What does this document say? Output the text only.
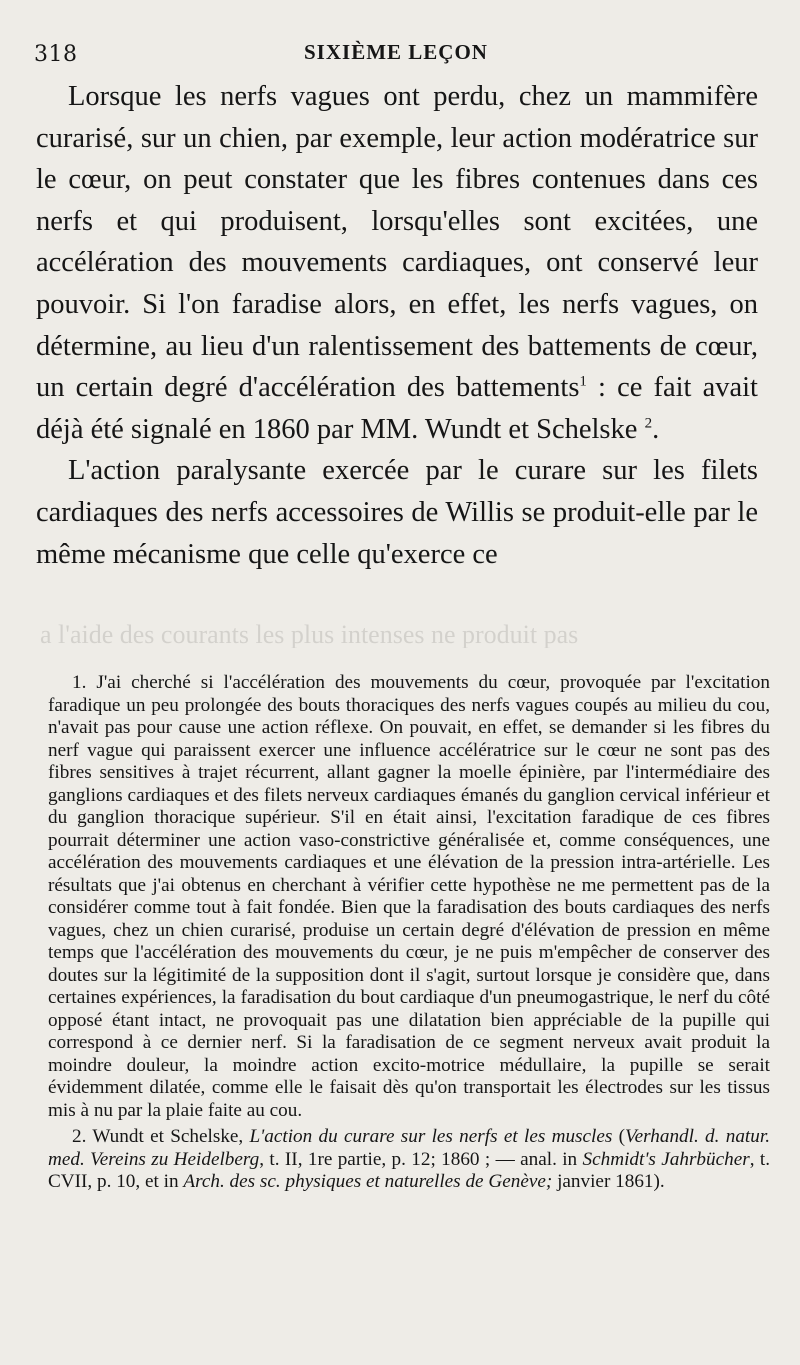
318	SIXIÈME LEÇON

Lorsque les nerfs vagues ont perdu, chez un mammifère curarisé, sur un chien, par exemple, leur action modératrice sur le cœur, on peut constater que les fibres contenues dans ces nerfs et qui produisent, lorsqu'elles sont excitées, une accélération des mouvements cardiaques, ont conservé leur pouvoir. Si l'on faradise alors, en effet, les nerfs vagues, on détermine, au lieu d'un ralentissement des battements de cœur, un certain degré d'accélération des battements$^1$ : ce fait avait déjà été signalé en 1860 par MM. Wundt et Schelske $^2$.

L'action paralysante exercée par le curare sur les filets cardiaques des nerfs accessoires de Willis se produit-elle par le même mécanisme que celle qu'exerce ce

a l'aide des courants les plus intenses ne produit pas

1. J'ai cherché si l'accélération des mouvements du cœur, provoquée par l'excitation faradique un peu prolongée des bouts thoraciques des nerfs vagues coupés au milieu du cou, n'avait pas pour cause une action réflexe. On pouvait, en effet, se demander si les fibres du nerf vague qui paraissent exercer une influence accélératrice sur le cœur ne sont pas des fibres sensitives à trajet récurrent, allant gagner la moelle épinière, par l'intermédiaire des ganglions cardiaques et des filets nerveux cardiaques émanés du ganglion cervical inférieur et du ganglion thoracique supérieur. S'il en était ainsi, l'excitation faradique de ces fibres pourrait déterminer une action vaso-constrictive généralisée et, comme conséquences, une accélération des mouvements cardiaques et une élévation de la pression intra-artérielle. Les résultats que j'ai obtenus en cherchant à vérifier cette hypothèse ne me permettent pas de la considérer comme tout à fait fondée. Bien que la faradisation des bouts cardiaques des nerfs vagues, chez un chien curarisé, produise un certain degré d'élévation de pression en même temps que l'accélération des mouvements du cœur, je ne puis m'empêcher de conserver des doutes sur la légitimité de la supposition dont il s'agit, surtout lorsque je considère que, dans certaines expériences, la faradisation du bout cardiaque d'un pneumogastrique, le nerf du côté opposé étant intact, ne provoquait pas une dilatation bien appréciable de la pupille qui correspond à ce dernier nerf. Si la faradisation de ce segment nerveux avait produit la moindre douleur, la moindre action excito-motrice médullaire, la pupille se serait évidemment dilatée, comme elle le faisait dès qu'on transportait les électrodes sur les tissus mis à nu par la plaie faite au cou.

2. Wundt et Schelske, L'action du curare sur les nerfs et les muscles (Verhandl. d. natur. med. Vereins zu Heidelberg, t. II, 1re partie, p. 12; 1860 ; — anal. in Schmidt's Jahrbücher, t. CVII, p. 10, et in Arch. des sc. physiques et naturelles de Genève; janvier 1861).
